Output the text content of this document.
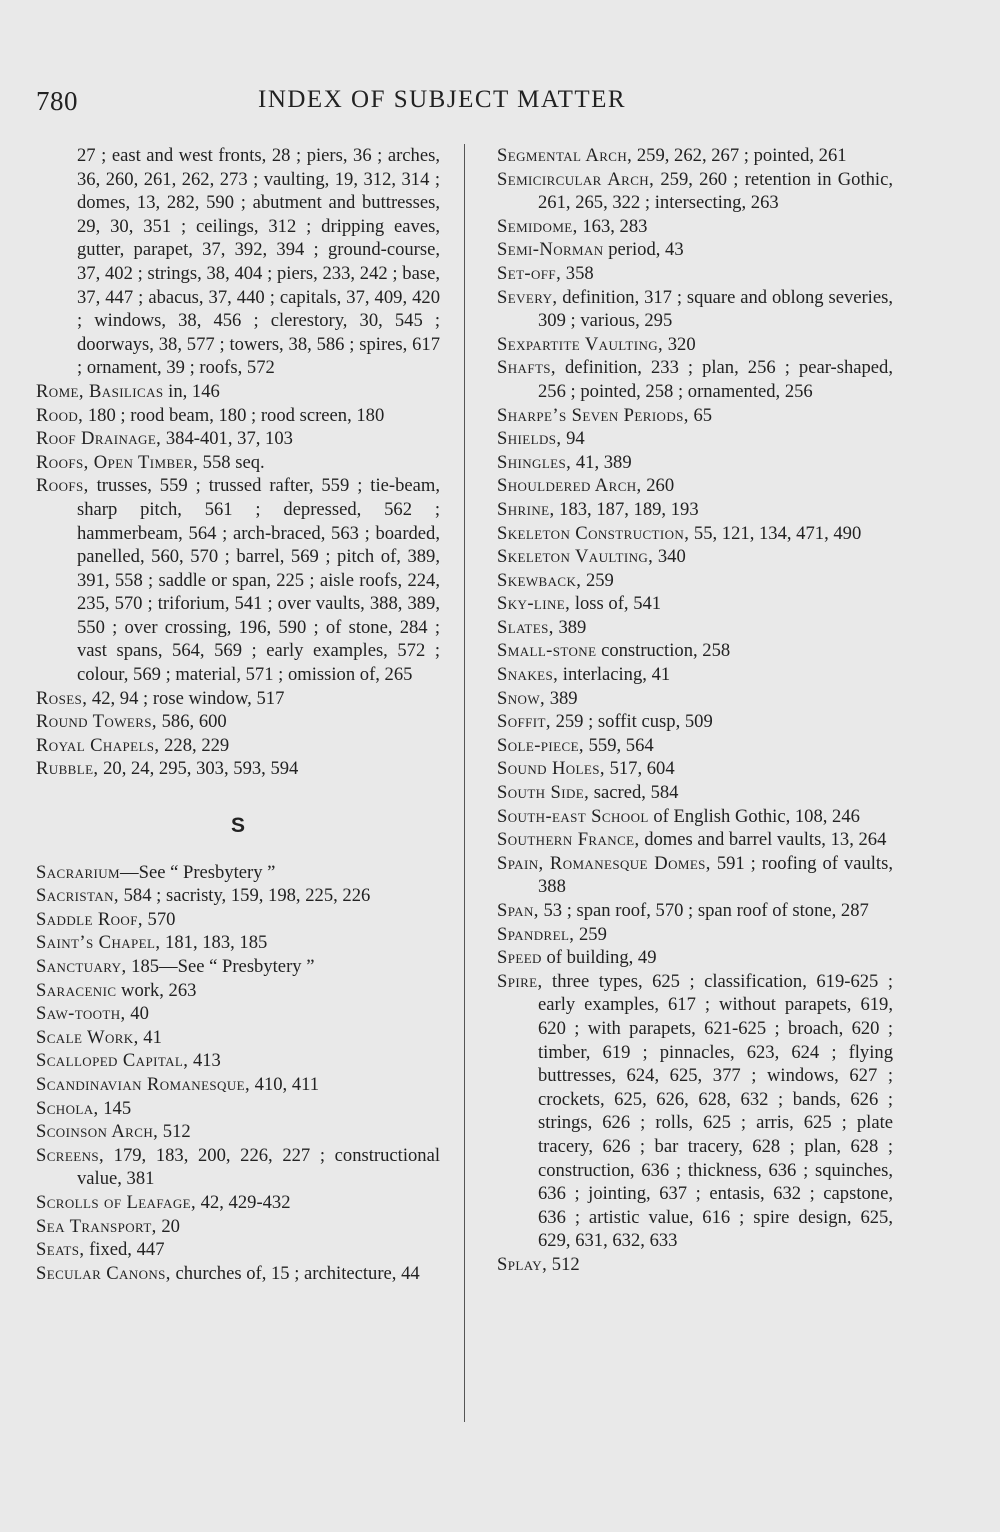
780	INDEX OF SUBJECT MATTER
27 ; east and west fronts, 28 ; piers, 36 ; arches, 36, 260, 261, 262, 273 ; vaulting, 19, 312, 314 ; domes, 13, 282, 590 ; abutment and buttresses, 29, 30, 351 ; ceilings, 312 ; dripping eaves, gutter, parapet, 37, 392, 394 ; ground-course, 37, 402 ; strings, 38, 404 ; piers, 233, 242 ; base, 37, 447 ; abacus, 37, 440 ; capitals, 37, 409, 420 ; windows, 38, 456 ; clerestory, 30, 545 ; doorways, 38, 577 ; towers, 38, 586 ; spires, 617 ; ornament, 39 ; roofs, 572
Rome, Basilicas in, 146
Rood, 180 ; rood beam, 180 ; rood screen, 180
Roof Drainage, 384-401, 37, 103
Roofs, Open Timber, 558 seq.
Roofs, trusses, 559 ; trussed rafter, 559 ; tie-beam, sharp pitch, 561 ; depressed, 562 ; hammerbeam, 564 ; arch-braced, 563 ; boarded, panelled, 560, 570 ; barrel, 569 ; pitch of, 389, 391, 558 ; saddle or span, 225 ; aisle roofs, 224, 235, 570 ; triforium, 541 ; over vaults, 388, 389, 550 ; over crossing, 196, 590 ; of stone, 284 ; vast spans, 564, 569 ; early examples, 572 ; colour, 569 ; material, 571 ; omission of, 265
Roses, 42, 94 ; rose window, 517
Round Towers, 586, 600
Royal Chapels, 228, 229
Rubble, 20, 24, 295, 303, 593, 594
S
Sacrarium—See “ Presbytery ”
Sacristan, 584 ; sacristy, 159, 198, 225, 226
Saddle Roof, 570
Saint’s Chapel, 181, 183, 185
Sanctuary, 185—See “ Presbytery ”
Saracenic work, 263
Saw-tooth, 40
Scale Work, 41
Scalloped Capital, 413
Scandinavian Romanesque, 410, 411
Schola, 145
Scoinson Arch, 512
Screens, 179, 183, 200, 226, 227 ; constructional value, 381
Scrolls of Leafage, 42, 429-432
Sea Transport, 20
Seats, fixed, 447
Secular Canons, churches of, 15 ; architecture, 44
Segmental Arch, 259, 262, 267 ; pointed, 261
Semicircular Arch, 259, 260 ; retention in Gothic, 261, 265, 322 ; intersecting, 263
Semidome, 163, 283
Semi-Norman period, 43
Set-off, 358
Severy, definition, 317 ; square and oblong severies, 309 ; various, 295
Sexpartite Vaulting, 320
Shafts, definition, 233 ; plan, 256 ; pear-shaped, 256 ; pointed, 258 ; ornamented, 256
Sharpe’s Seven Periods, 65
Shields, 94
Shingles, 41, 389
Shouldered Arch, 260
Shrine, 183, 187, 189, 193
Skeleton Construction, 55, 121, 134, 471, 490
Skeleton Vaulting, 340
Skewback, 259
Sky-line, loss of, 541
Slates, 389
Small-stone construction, 258
Snakes, interlacing, 41
Snow, 389
Soffit, 259 ; soffit cusp, 509
Sole-piece, 559, 564
Sound Holes, 517, 604
South Side, sacred, 584
South-east School of English Gothic, 108, 246
Southern France, domes and barrel vaults, 13, 264
Spain, Romanesque Domes, 591 ; roofing of vaults, 388
Span, 53 ; span roof, 570 ; span roof of stone, 287
Spandrel, 259
Speed of building, 49
Spire, three types, 625 ; classification, 619-625 ; early examples, 617 ; without parapets, 619, 620 ; with parapets, 621-625 ; broach, 620 ; timber, 619 ; pinnacles, 623, 624 ; flying buttresses, 624, 625, 377 ; windows, 627 ; crockets, 625, 626, 628, 632 ; bands, 626 ; strings, 626 ; rolls, 625 ; arris, 625 ; plate tracery, 626 ; bar tracery, 628 ; plan, 628 ; construction, 636 ; thickness, 636 ; squinches, 636 ; jointing, 637 ; entasis, 632 ; capstone, 636 ; artistic value, 616 ; spire design, 625, 629, 631, 632, 633
Splay, 512
